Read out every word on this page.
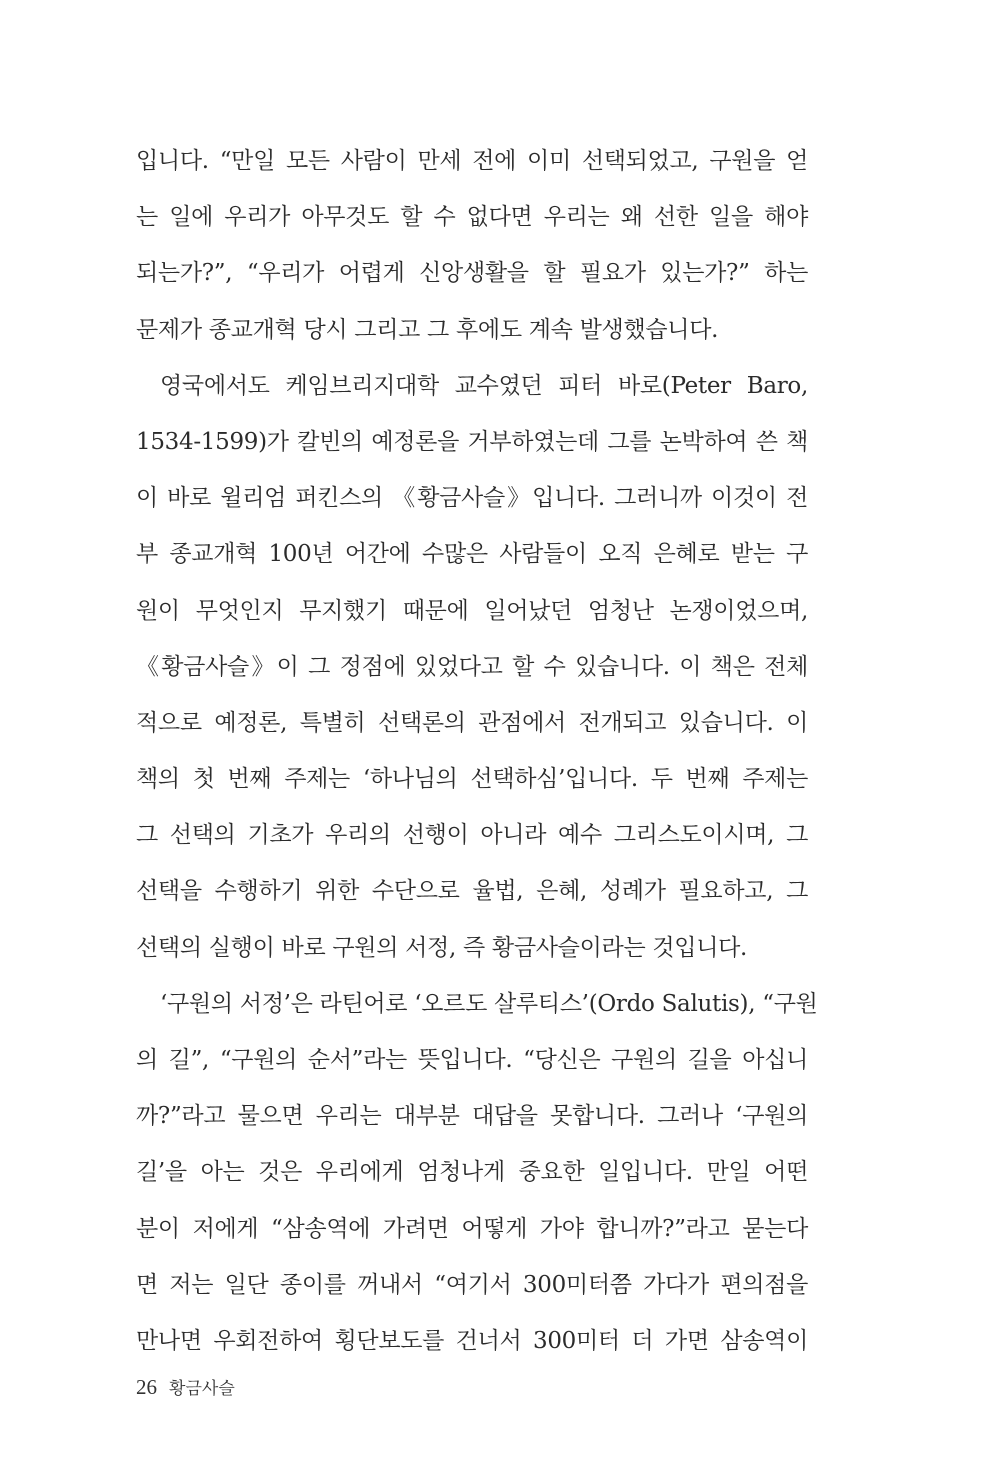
입니다. “만일 모든 사람이 만세 전에 이미 선택되었고, 구원을 얻
는 일에 우리가 아무것도 할 수 없다면 우리는 왜 선한 일을 해야
되는가?”, “우리가 어렵게 신앙생활을 할 필요가 있는가?” 하는
문제가 종교개혁 당시 그리고 그 후에도 계속 발생했습니다.
영국에서도 케임브리지대학 교수였던 피터 바로(Peter Baro,
1534-1599)가 칼빈의 예정론을 거부하였는데 그를 논박하여 쓴 책
이 바로 윌리엄 퍼킨스의 《황금사슬》입니다. 그러니까 이것이 전
부 종교개혁 100년 어간에 수많은 사람들이 오직 은혜로 받는 구
원이 무엇인지 무지했기 때문에 일어났던 엄청난 논쟁이었으며,
《황금사슬》이 그 정점에 있었다고 할 수 있습니다. 이 책은 전체
적으로 예정론, 특별히 선택론의 관점에서 전개되고 있습니다. 이
책의 첫 번째 주제는 ‘하나님의 선택하심’입니다. 두 번째 주제는
그 선택의 기초가 우리의 선행이 아니라 예수 그리스도이시며, 그
선택을 수행하기 위한 수단으로 율법, 은혜, 성례가 필요하고, 그
선택의 실행이 바로 구원의 서정, 즉 황금사슬이라는 것입니다.
‘구원의 서정’은 라틴어로 ‘오르도 살루티스’(Ordo Salutis), “구원
의 길”, “구원의 순서”라는 뜻입니다. “당신은 구원의 길을 아십니
까?”라고 물으면 우리는 대부분 대답을 못합니다. 그러나 ‘구원의
길’을 아는 것은 우리에게 엄청나게 중요한 일입니다. 만일 어떤
분이 저에게 “삼송역에 가려면 어떻게 가야 합니까?”라고 묻는다
면 저는 일단 종이를 꺼내서 “여기서 300미터쯤 가다가 편의점을
만나면 우회전하여 횡단보도를 건너서 300미터 더 가면 삼송역이
26 황금사슬
